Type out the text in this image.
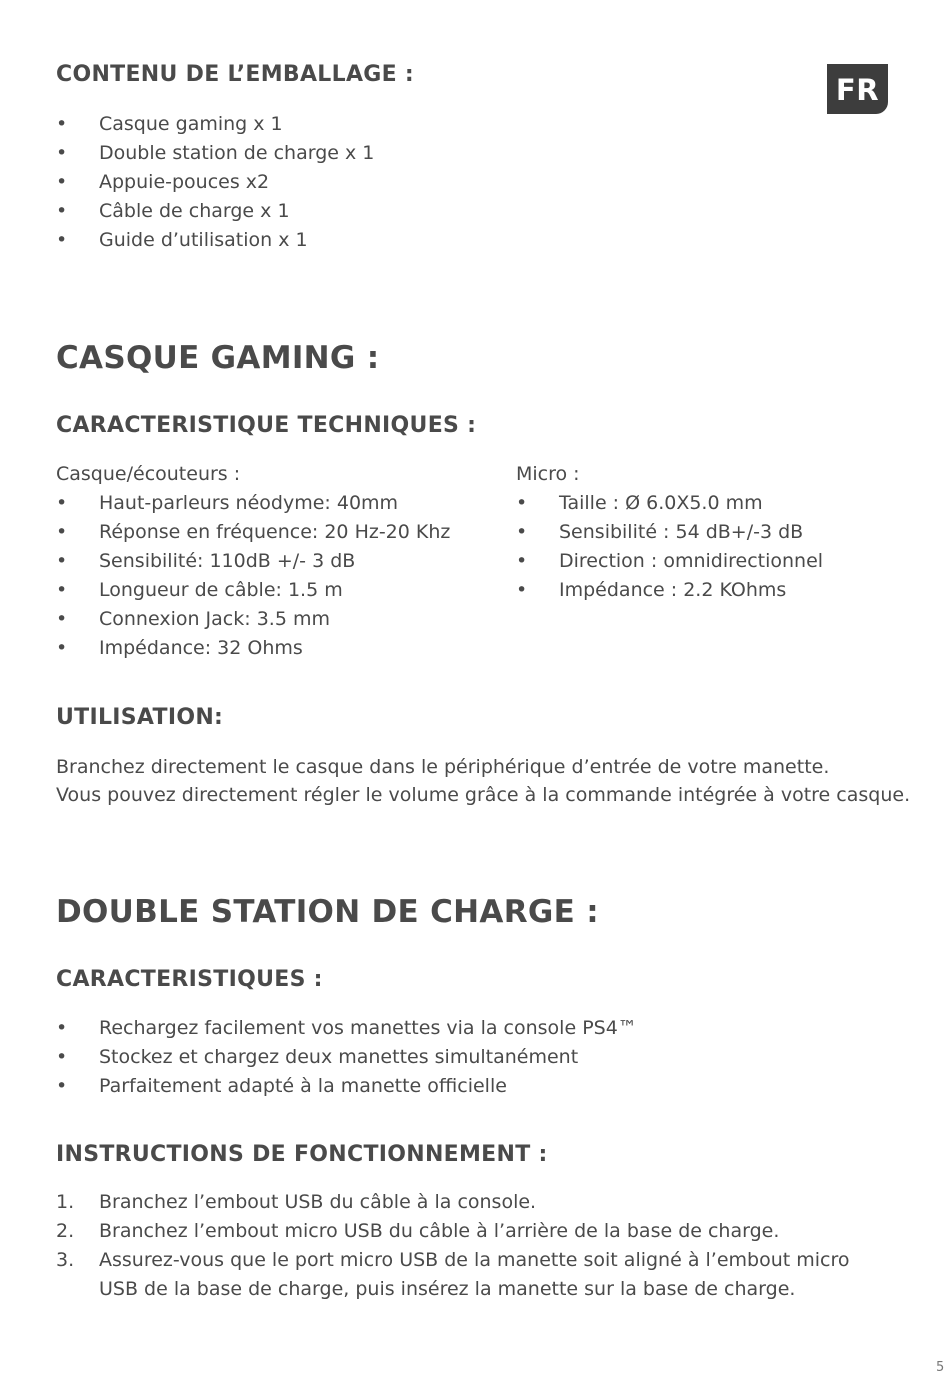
FR
CONTENU DE L’EMBALLAGE :
• Casque gaming x 1
• Double station de charge x 1
• Appuie-pouces x2
• Câble de charge x 1
• Guide d’utilisation x 1
CASQUE GAMING :
CARACTERISTIQUE TECHNIQUES :

Casque/écouteurs :

• Haut-parleurs néodyme: 40mm
• Réponse en fréquence: 20 Hz-20 Khz
• Sensibilité: 110dB +/- 3 dB
• Longueur de câble: 1.5 m
• Connexion Jack: 3.5 mm
• Impédance: 32 Ohms

Micro :

• Taille : Ø 6.0X5.0 mm
• Sensibilité : 54 dB+/-3 dB
• Direction : omnidirectionnel
• Impédance : 2.2 KOhms
UTILISATION:

Branchez directement le casque dans le périphérique d’entrée de votre manette.

Vous pouvez directement régler le volume grâce à la commande intégrée à votre casque.

DOUBLE STATION DE CHARGE :
CARACTERISTIQUES :
• Rechargez facilement vos manettes via la console PS4™
• Stockez et chargez deux manettes simultanément
• Parfaitement adapté à la manette officielle
INSTRUCTIONS DE FONCTIONNEMENT :
1. Branchez l’embout USB du câble à la console.
2. Branchez l’embout micro USB du câble à l’arrière de la base de charge.
3. Assurez-vous que le port micro USB de la manette soit aligné à l’embout micro
USB de la base de charge, puis insérez la manette sur la base de charge.
5
